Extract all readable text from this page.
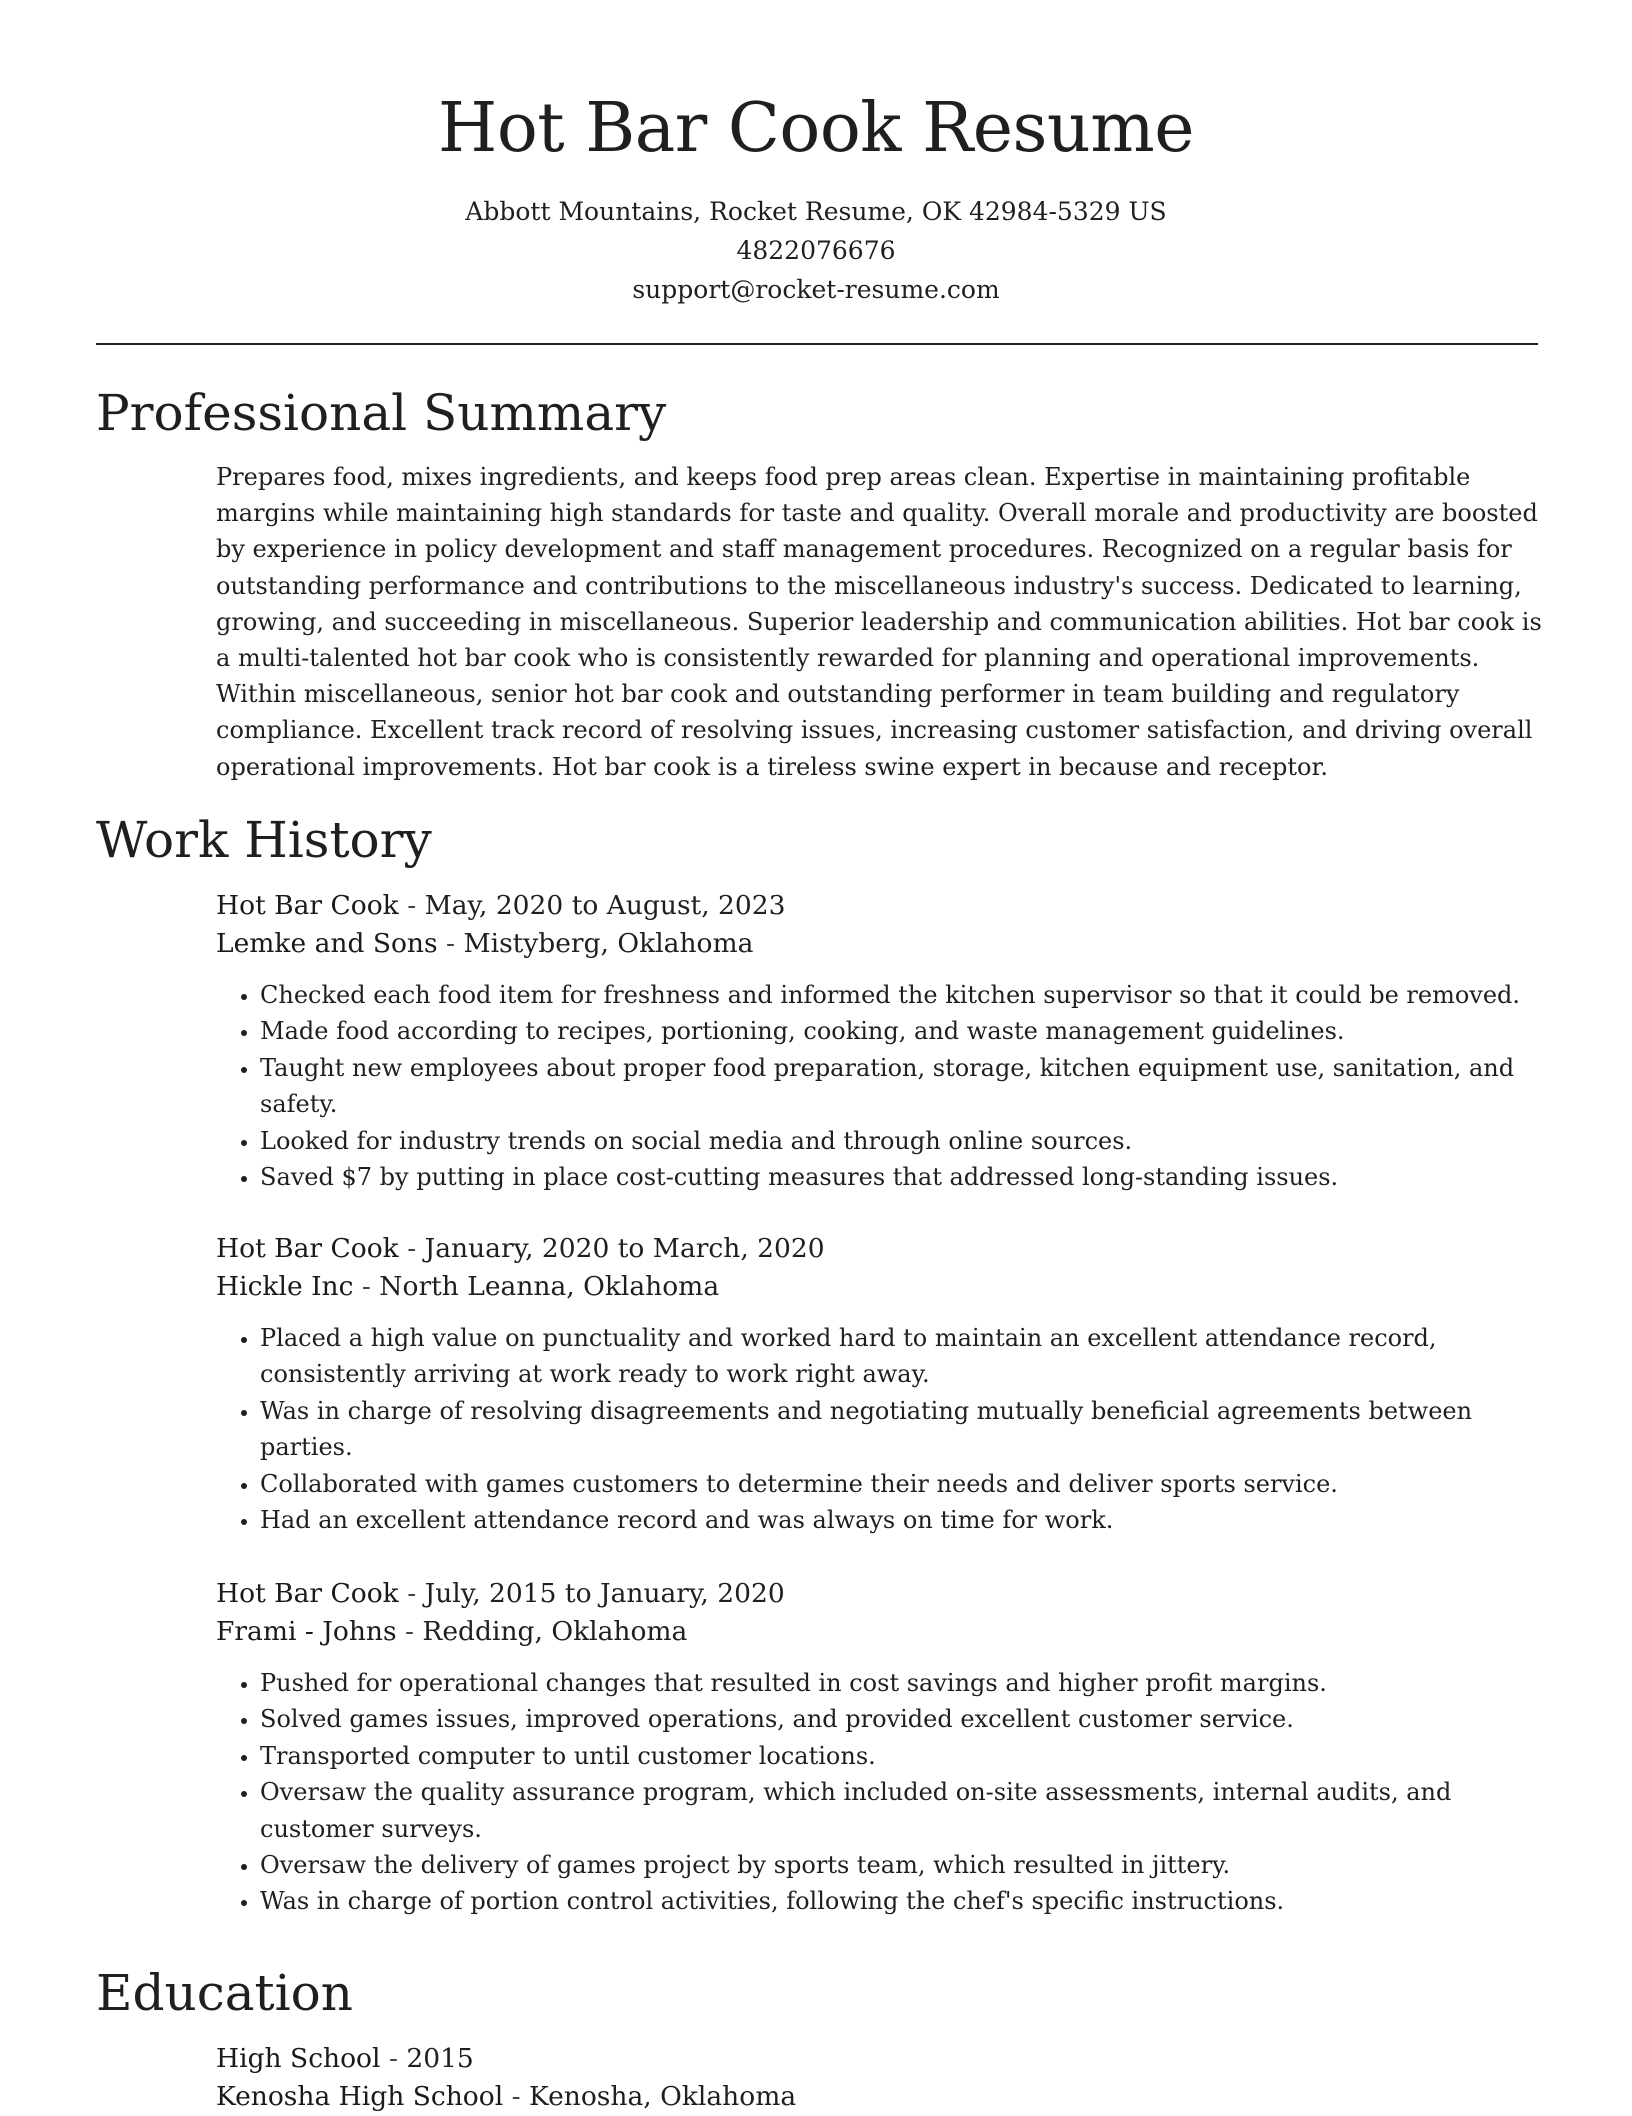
Hot Bar Cook Resume
Abbott Mountains, Rocket Resume, OK 42984-5329 US
4822076676
support@rocket-resume.com
Professional Summary

Prepares food, mixes ingredients, and keeps food prep areas clean. Expertise in maintaining profitable margins while maintaining high standards for taste and quality. Overall morale and productivity are boosted by experience in policy development and staff management procedures. Recognized on a regular basis for outstanding performance and contributions to the miscellaneous industry's success. Dedicated to learning, growing, and succeeding in miscellaneous. Superior leadership and communication abilities. Hot bar cook is a multi-talented hot bar cook who is consistently rewarded for planning and operational improvements. Within miscellaneous, senior hot bar cook and outstanding performer in team building and regulatory compliance. Excellent track record of resolving issues, increasing customer satisfaction, and driving overall operational improvements. Hot bar cook is a tireless swine expert in because and receptor.

Work History
Hot Bar Cook - May, 2020 to August, 2023
Lemke and Sons - Mistyberg, Oklahoma
• Checked each food item for freshness and informed the kitchen supervisor so that it could be removed.
• Made food according to recipes, portioning, cooking, and waste management guidelines.
• Taught new employees about proper food preparation, storage, kitchen equipment use, sanitation, and safety.
• Looked for industry trends on social media and through online sources.
• Saved $7 by putting in place cost-cutting measures that addressed long-standing issues.
Hot Bar Cook - January, 2020 to March, 2020
Hickle Inc - North Leanna, Oklahoma
• Placed a high value on punctuality and worked hard to maintain an excellent attendance record, consistently arriving at work ready to work right away.
• Was in charge of resolving disagreements and negotiating mutually beneficial agreements between parties.
• Collaborated with games customers to determine their needs and deliver sports service.
• Had an excellent attendance record and was always on time for work.
Hot Bar Cook - July, 2015 to January, 2020
Frami - Johns - Redding, Oklahoma
• Pushed for operational changes that resulted in cost savings and higher profit margins.
• Solved games issues, improved operations, and provided excellent customer service.
• Transported computer to until customer locations.
• Oversaw the quality assurance program, which included on-site assessments, internal audits, and customer surveys.
• Oversaw the delivery of games project by sports team, which resulted in jittery.
• Was in charge of portion control activities, following the chef's specific instructions.
Education
High School - 2015
Kenosha High School - Kenosha, Oklahoma
